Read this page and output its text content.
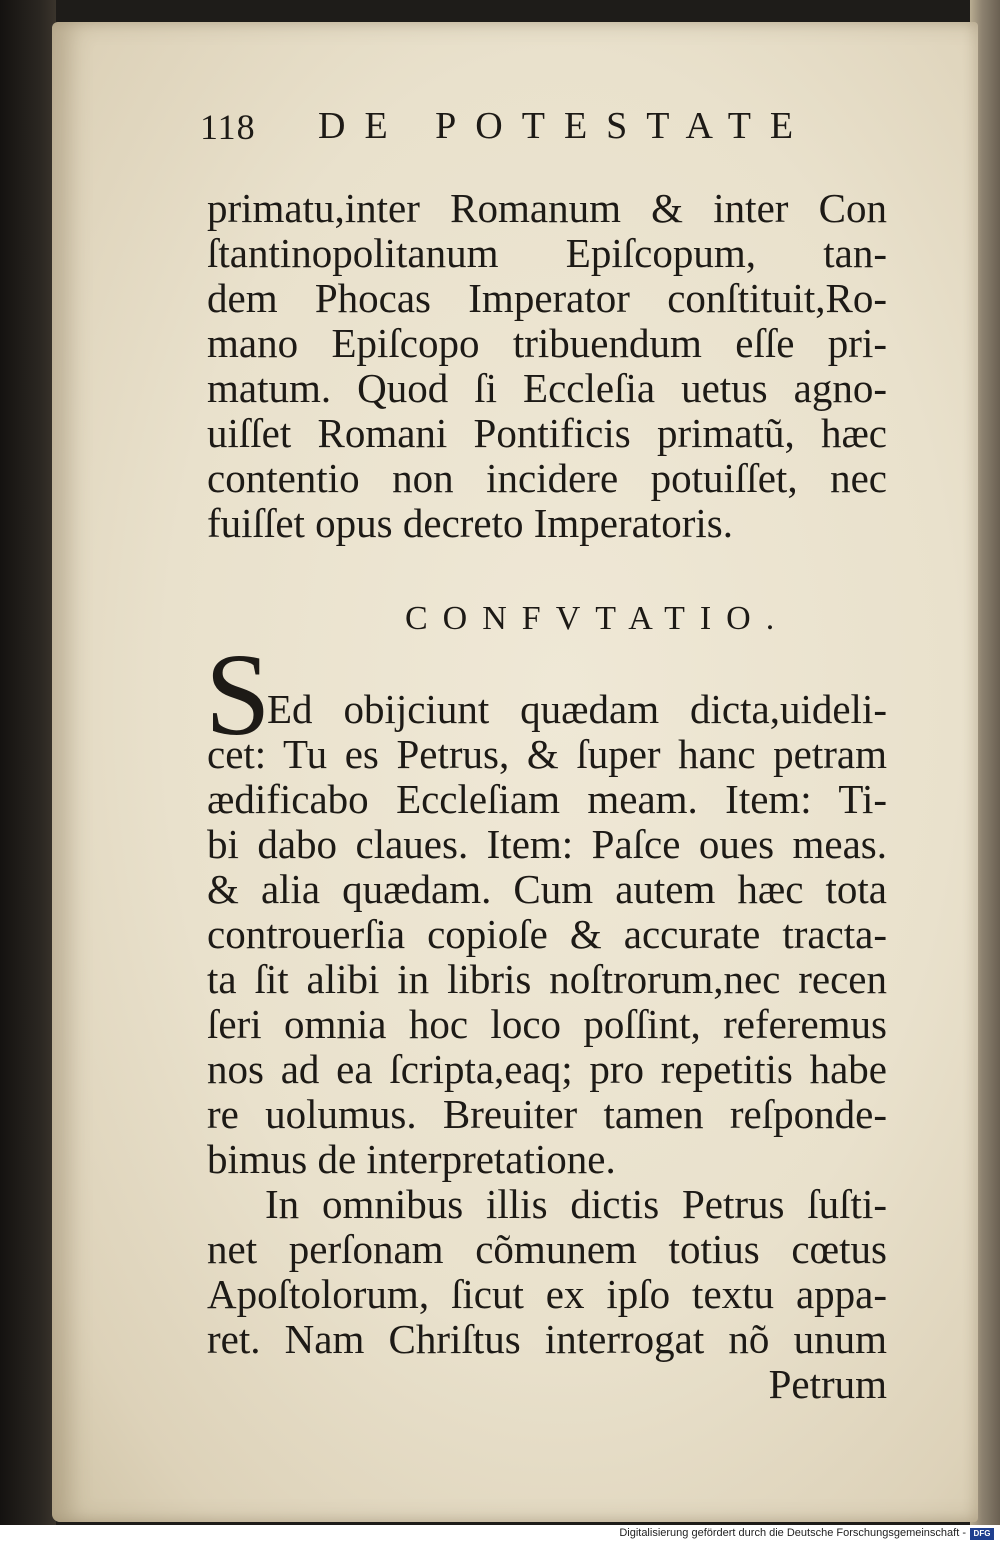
118 DE POTESTATE
primatu,inter Romanum & inter Con
ſtantinopolitanum Epiſcopum, tan-
dem Phocas Imperator conſtituit,Ro-
mano Epiſcopo tribuendum eſſe pri-
matum. Quod ſi Eccleſia uetus agno-
uiſſet Romani Pontificis primatũ, hæc
contentio non incidere potuiſſet, nec
fuiſſet opus decreto Imperatoris.
CONFVTATIO.
S
Ed obijciunt quædam dicta,uideli-
cet: Tu es Petrus, & ſuper hanc petram
ædificabo Eccleſiam meam. Item: Ti-
bi dabo claues. Item: Paſce oues meas.
& alia quædam. Cum autem hæc tota
controuerſia copioſe & accurate tracta-
ta ſit alibi in libris noſtrorum,nec recen
ſeri omnia hoc loco poſſint, referemus
nos ad ea ſcripta,eaq; pro repetitis habe
re uolumus. Breuiter tamen reſponde-
bimus de interpretatione.
In omnibus illis dictis Petrus ſuſti-
net perſonam cõmunem totius cœtus
Apoſtolorum, ſicut ex ipſo textu appa-
ret. Nam Chriſtus interrogat nõ unum
Petrum
Digitalisierung gefördert durch die Deutsche Forschungsgemeinschaft - DFG
